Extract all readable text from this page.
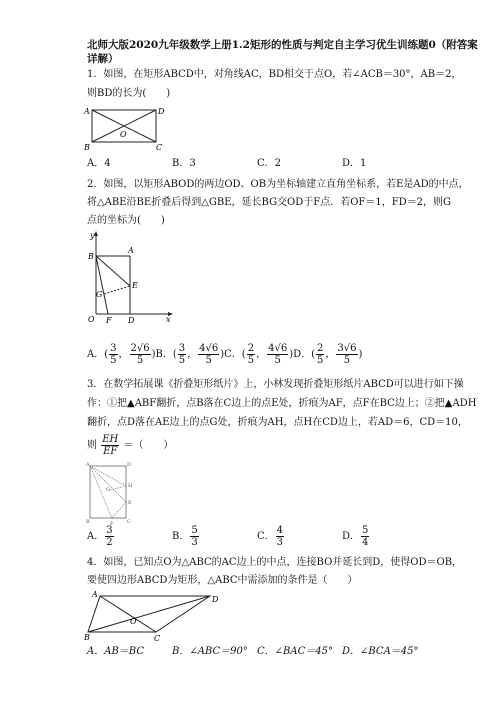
北师大版2020九年级数学上册1.2矩形的性质与判定自主学习优生训练题0（附答案
详解）
1．如图，在矩形ABCD中，对角线AC，BD相交于点O，若∠ACB＝30°，AB＝2，
则BD的长为(　　)
A	D
B	C
O
A．4	B．3	C．2	D．1
2．如图，以矩形ABOD的两边OD、OB为坐标轴建立直角坐标系，若E是AD的中点，
将△ABE沿BE折叠后得到△GBE，延长BG交OD于F点．若OF＝1，FD＝2，则G
点的坐标为(　　)
y
A
B
E
G
O F D	x
A．( $\frac{3}{5}$ ， $\frac{2√6}{5} )B$．( $\frac{3}{5}$ ， $\frac{4√6}{5} )C$．( $\frac{2}{5}$ ， $\frac{4√6}{5} )D$．( $\frac{2}{5}$ ， $\frac{3√6}{5}$ )
3．在数学拓展课《折叠矩形纸片》上，小林发现折叠矩形纸片ABCD可以进行如下操
作：①把▲ABF翻折，点B落在C边上的点E处，折痕为AF，点F在BC边上；②把▲ADH
翻折，点D落在AE边上的点G处，折痕为AH，点H在CD边上，若AD＝6，CD＝10，
则 $\frac{EH}{EF}$ ＝（　　）
A	D
B	C
E
F
G
H
A． $\frac{3}{2}$	B． $\frac{5}{3}$	C． $\frac{4}{3}$	D． $\frac{5}{4}$
4．如图，已知点O为△ABC的AC边上的中点，连接BO并延长到D，使得OD＝OB，
要使四边形ABCD为矩形，△ABC中需添加的条件是（　　）
A
D
O
B	C
A．AB＝BC	B．∠ABC＝90° C．∠BAC＝45° D．∠BCA＝45°
